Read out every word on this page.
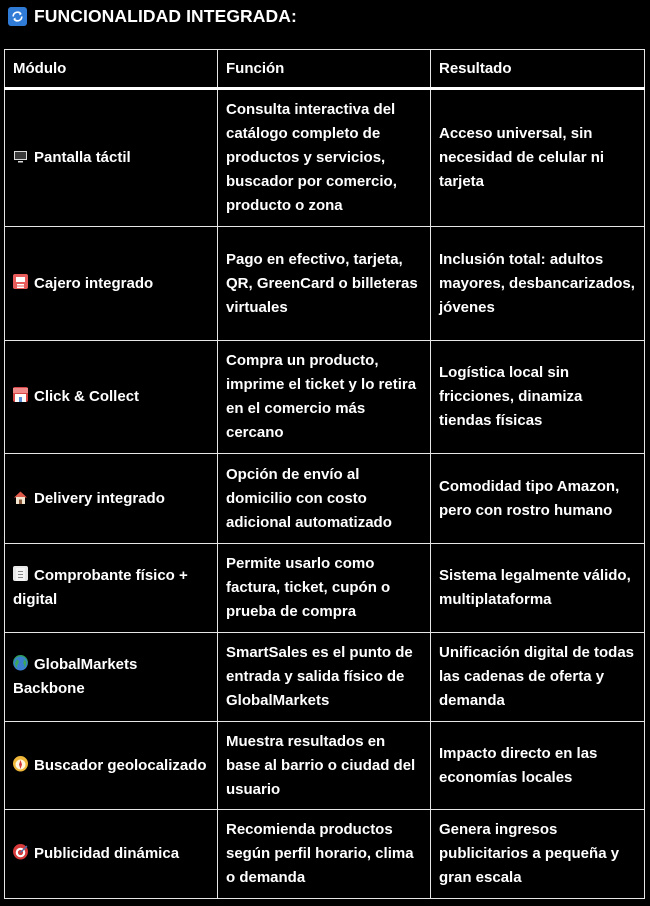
FUNCIONALIDAD INTEGRADA:
Módulo	Función	Resultado
Pantalla táctil	Consulta interactiva del catálogo completo de productos y servicios, buscador por comercio, producto o zona	Acceso universal, sin necesidad de celular ni tarjeta
Cajero integrado	Pago en efectivo, tarjeta, QR, GreenCard o billeteras virtuales	Inclusión total: adultos mayores, desbancarizados, jóvenes
Click & Collect	Compra un producto, imprime el ticket y lo retira en el comercio más cercano	Logística local sin fricciones, dinamiza tiendas físicas
Delivery integrado	Opción de envío al domicilio con costo adicional automatizado	Comodidad tipo Amazon, pero con rostro humano
Comprobante físico + digital	Permite usarlo como factura, ticket, cupón o prueba de compra	Sistema legalmente válido, multiplataforma
GlobalMarkets Backbone	SmartSales es el punto de entrada y salida físico de GlobalMarkets	Unificación digital de todas las cadenas de oferta y demanda
Buscador geolocalizado	Muestra resultados en base al barrio o ciudad del usuario	Impacto directo en las economías locales
Publicidad dinámica	Recomienda productos según perfil horario, clima o demanda	Genera ingresos publicitarios a pequeña y gran escala
